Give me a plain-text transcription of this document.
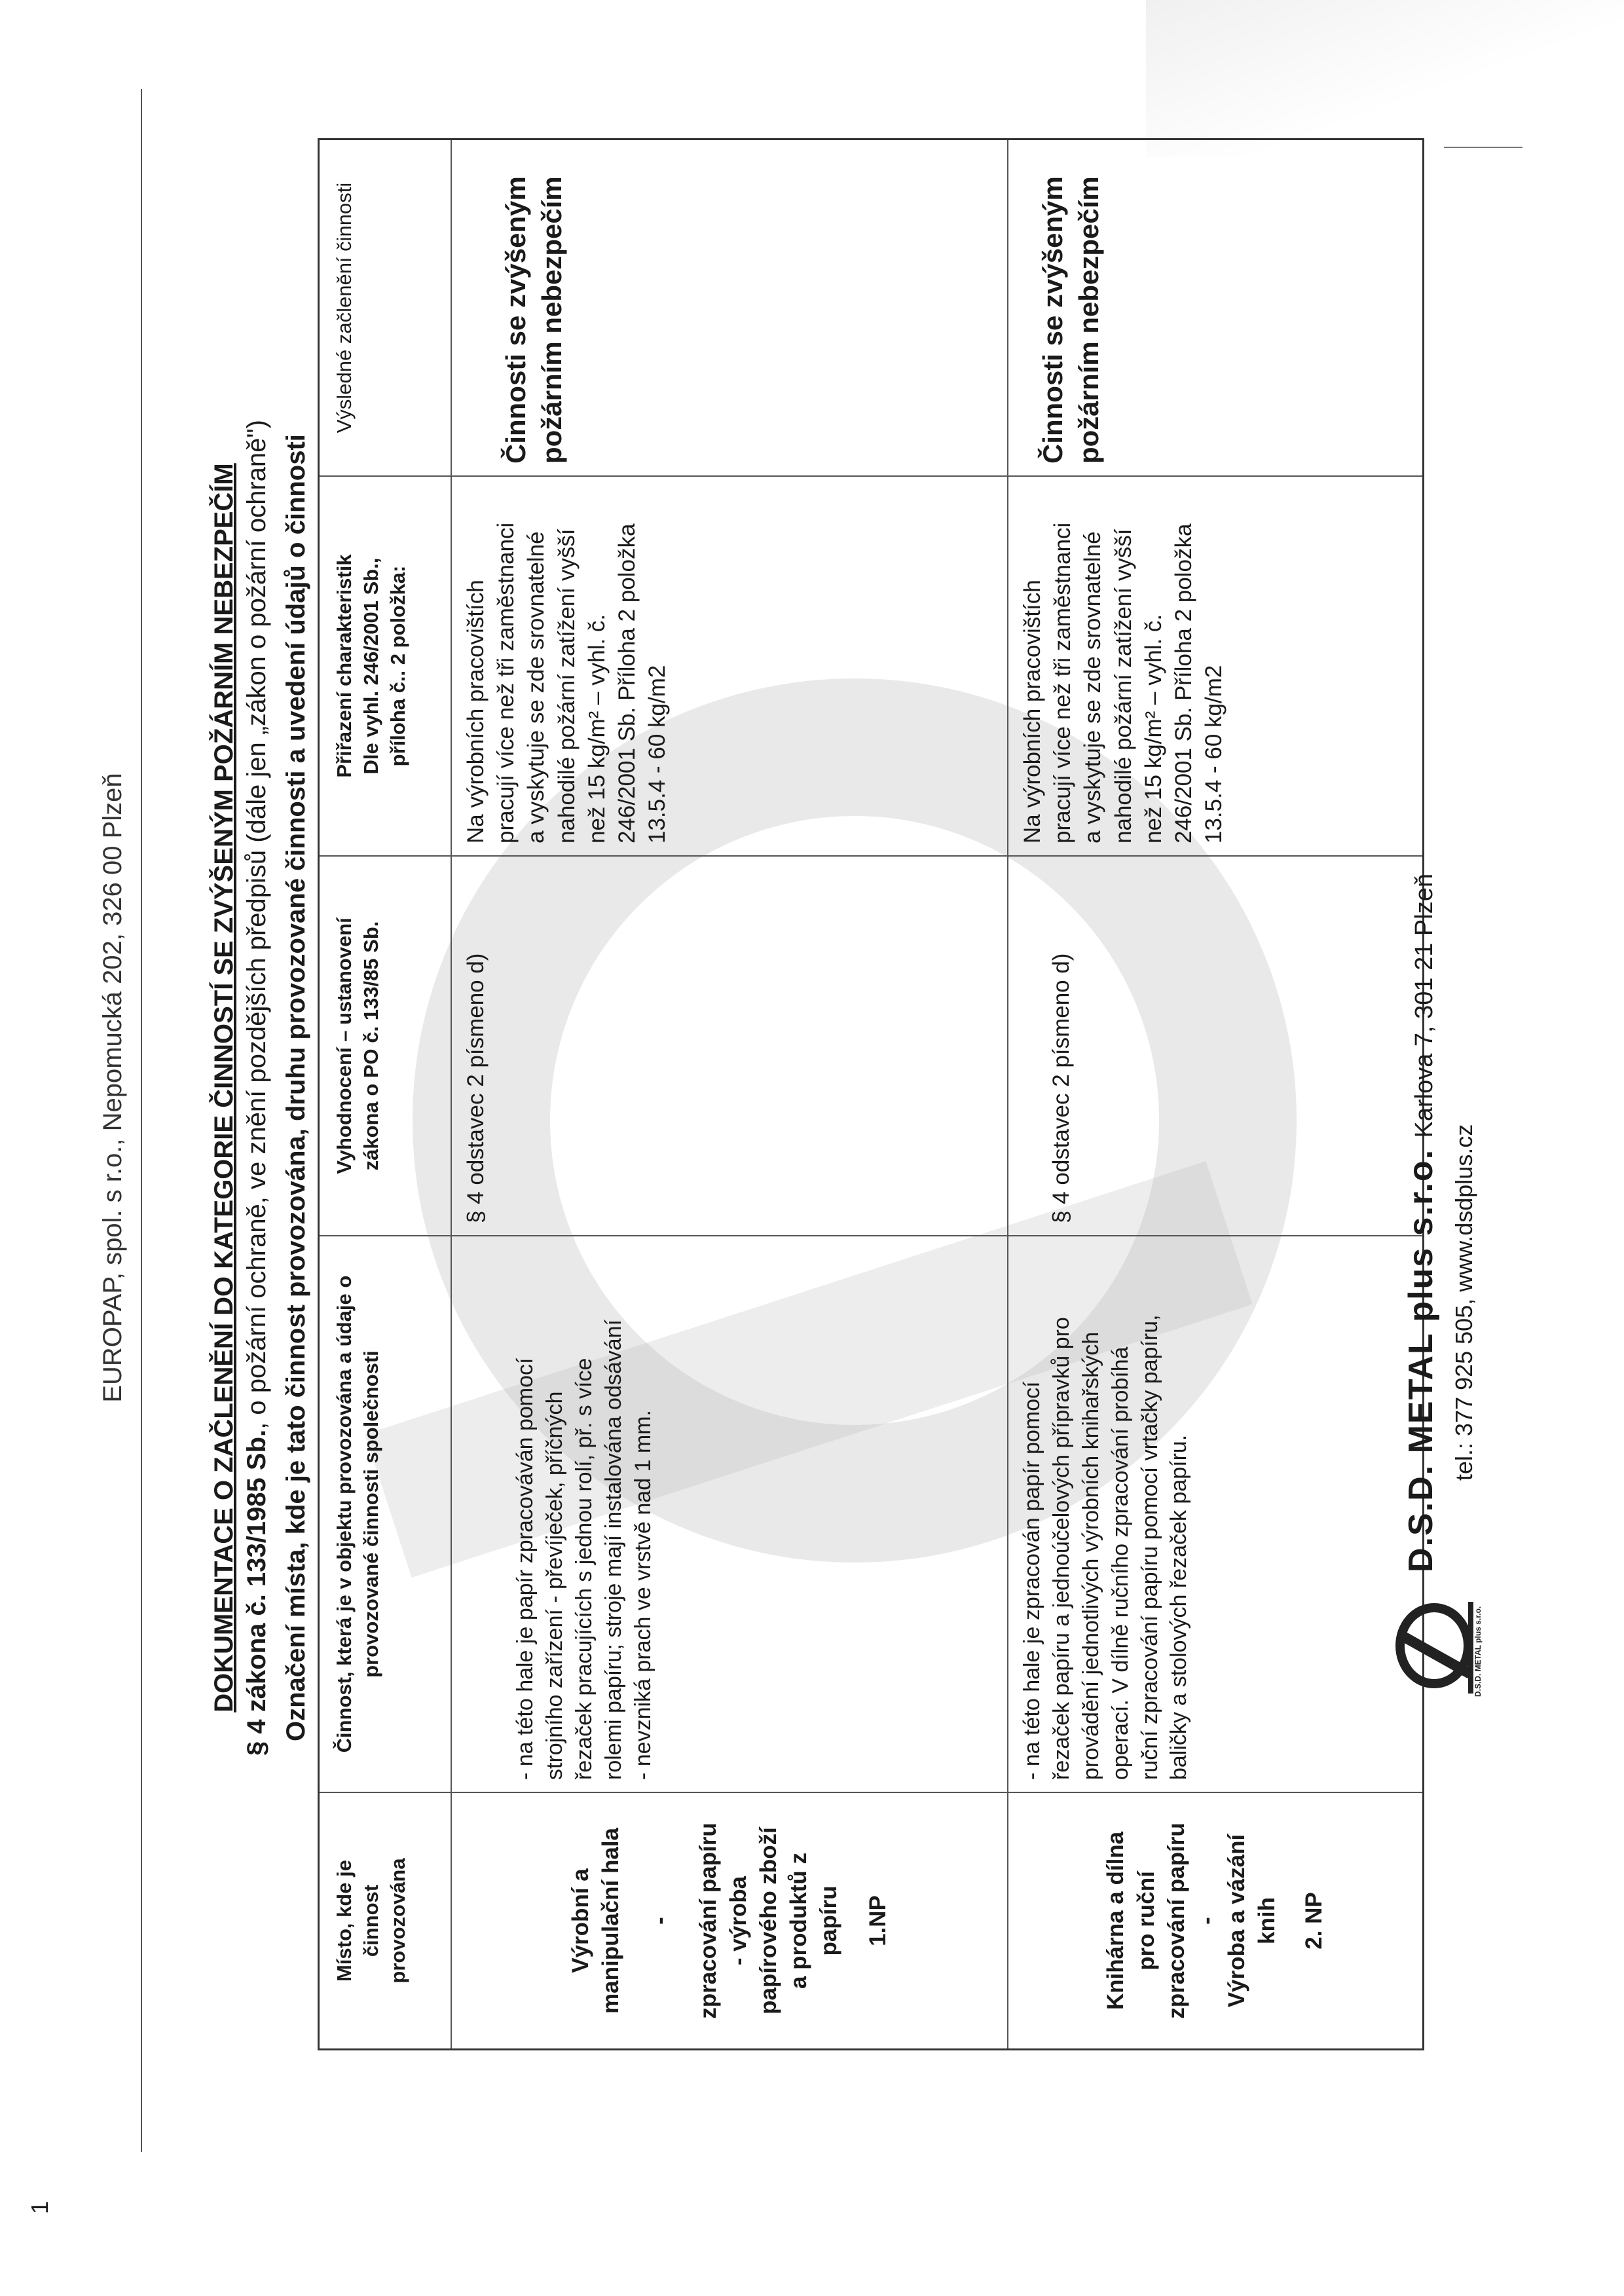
1
EUROPAP, spol. s r.o., Nepomucká 202, 326 00 Plzeň	DOKUMENTACE O ZAČLENĚNÍ DO KATEGORIE ČINNOSTÍ SE ZVÝŠENÝM POŽÁRNÍM NEBEZPEČÍM § 4 zákona č. 133/1985 Sb., o požární ochraně, ve znění pozdějších předpisů (dále jen „zákon o požární ochraně") Označení místa, kde je tato činnost provozována, druhu provozované činnosti a uvedení údajů o činnosti
Místo, kde je činnost provozována
Činnost, která je v objektu provozována a údaje o provozované činnosti společnosti
Vyhodnocení – ustanovení zákona o PO č. 133/85 Sb.
Přiřazení charakteristik Dle vyhl. 246/2001 Sb., příloha č.. 2 položka:
Výsledné začlenění činnosti
Výrobní a manipulační hala - zpracování papíru - výroba papírového zboží a produktů z papíru 1.NP
- na této hale je papír zpracováván pomocí strojního zařízení - převíječek, příčných řezaček pracujících s jednou rolí, př. s více rolemi papíru; stroje mají instalována odsávání - nevzniká prach ve vrstvě nad 1 mm.
§ 4 odstavec 2 písmeno d)
Na výrobních pracovištích pracují více než tři zaměstnanci a vyskytuje se zde srovnatelné nahodilé požární zatížení vyšší než 15 kg/m² – vyhl. č. 246/2001 Sb. Příloha 2 položka 13.5.4 - 60 kg/m2
Činnosti se zvýšeným požárním nebezpečím
Knihárna a dílna pro ruční zpracování papíru - Výroba a vázání knih 2. NP
- na této hale je zpracován papír pomocí řezaček papíru a jednoúčelových přípravků pro provádění jednotlivých výrobních knihařských operací. V dílně ručního zpracování probíhá ruční zpracování papíru pomocí vrtačky papíru, baličky a stolových řezaček papíru.
§ 4 odstavec 2 písmeno d)
Na výrobních pracovištích pracují více než tři zaměstnanci a vyskytuje se zde srovnatelné nahodilé požární zatížení vyšší než 15 kg/m² – vyhl. č. 246/2001 Sb. Příloha 2 položka 13.5.4 - 60 kg/m2
Činnosti se zvýšeným požárním nebezpečím
D.S.D. METAL plus s.r.o.
D.S.D. METAL plus s.r.o. Karlova 7, 301 21 Plzeň
tel.: 377 925 505, www.dsdplus.cz
